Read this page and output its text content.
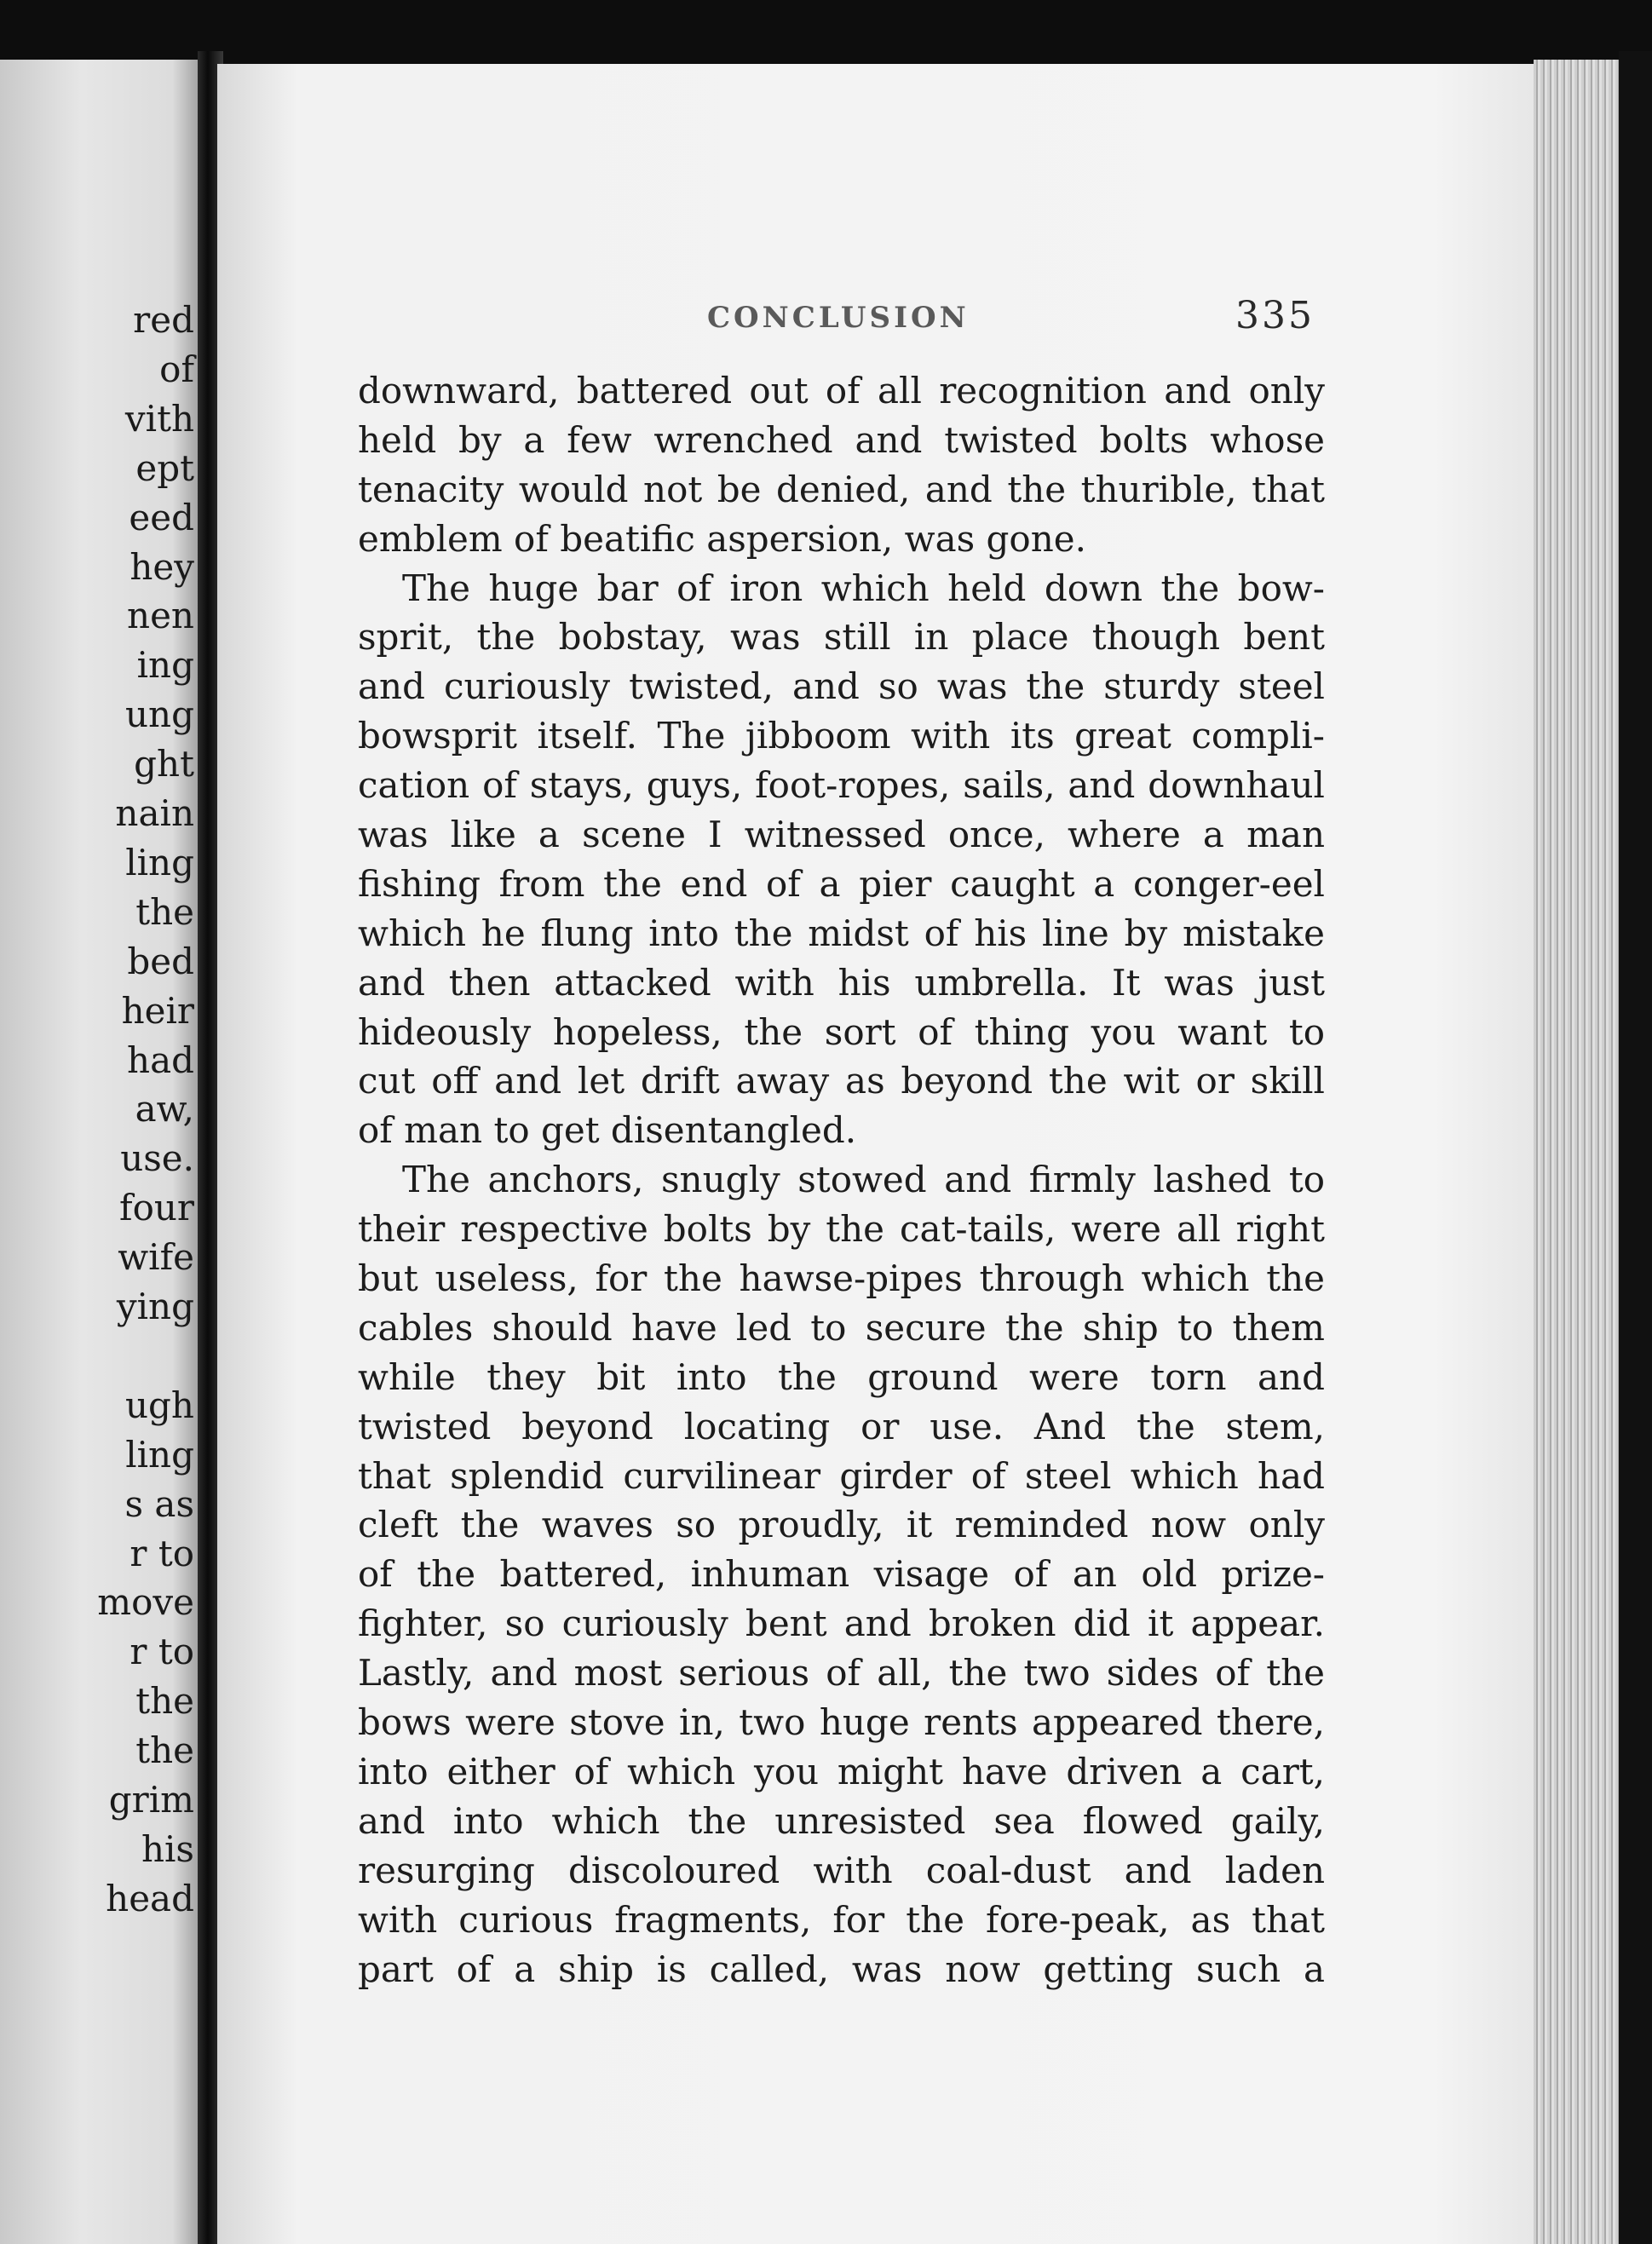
red
of
vith
ept
eed
hey
nen
ing
ung
ght
nain
ling
the
bed
heir
had
aw,
use.
four
wife
ying
ugh
ling
s as
r to
move
r to
the
the
grim
his
head
CONCLUSION	335
downward, battered out of all recognition and only
held by a few wrenched and twisted bolts whose
tenacity would not be denied, and the thurible, that
emblem of beatific aspersion, was gone.
The huge bar of iron which held down the bow-
sprit, the bobstay, was still in place though bent
and curiously twisted, and so was the sturdy steel
bowsprit itself. The jibboom with its great compli-
cation of stays, guys, foot-ropes, sails, and downhaul
was like a scene I witnessed once, where a man
fishing from the end of a pier caught a conger-eel
which he flung into the midst of his line by mistake
and then attacked with his umbrella. It was just
hideously hopeless, the sort of thing you want to
cut off and let drift away as beyond the wit or skill
of man to get disentangled.
The anchors, snugly stowed and firmly lashed to
their respective bolts by the cat-tails, were all right
but useless, for the hawse-pipes through which the
cables should have led to secure the ship to them
while they bit into the ground were torn and
twisted beyond locating or use. And the stem,
that splendid curvilinear girder of steel which had
cleft the waves so proudly, it reminded now only
of the battered, inhuman visage of an old prize-
fighter, so curiously bent and broken did it appear.
Lastly, and most serious of all, the two sides of the
bows were stove in, two huge rents appeared there,
into either of which you might have driven a cart,
and into which the unresisted sea flowed gaily,
resurging discoloured with coal-dust and laden
with curious fragments, for the fore-peak, as that
part of a ship is called, was now getting such a
